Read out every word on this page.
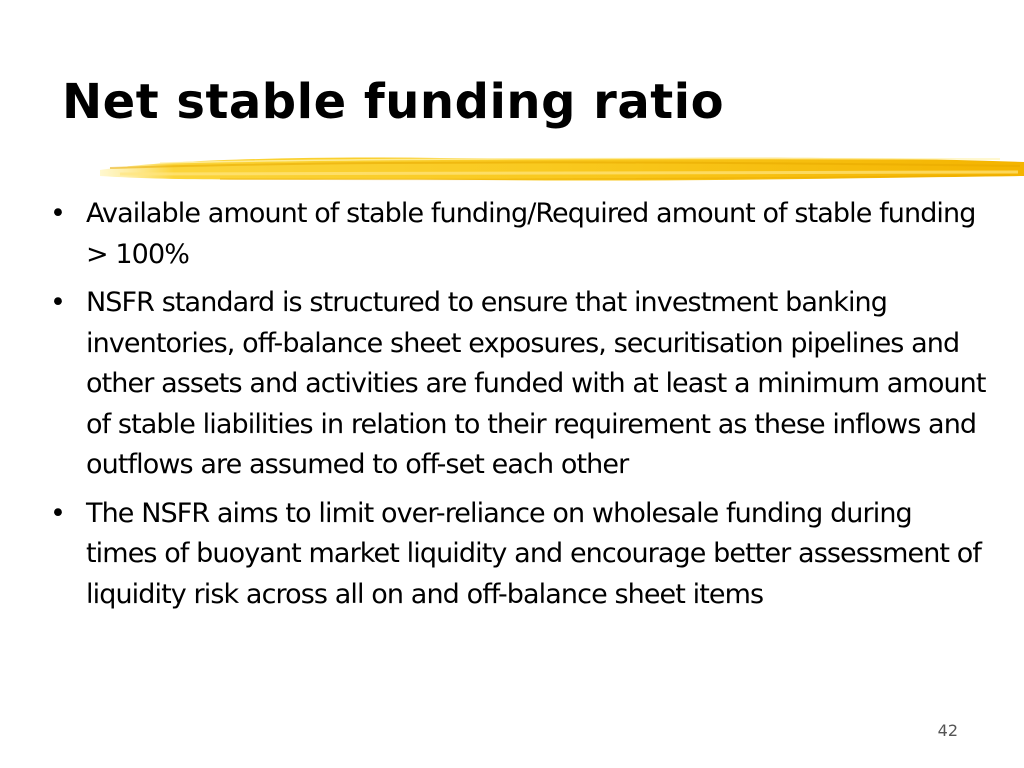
Net stable funding ratio
• Available amount of stable funding/Required amount of stable funding > 100%
• NSFR standard is structured to ensure that investment banking inventories, off-balance sheet exposures, securitisation pipelines and other assets and activities are funded with at least a minimum amount of stable liabilities in relation to their requirement as these inflows and outflows are assumed to off-set each other
• The NSFR aims to limit over-reliance on wholesale funding during times of buoyant market liquidity and encourage better assessment of liquidity risk across all on and off-balance sheet items
42
